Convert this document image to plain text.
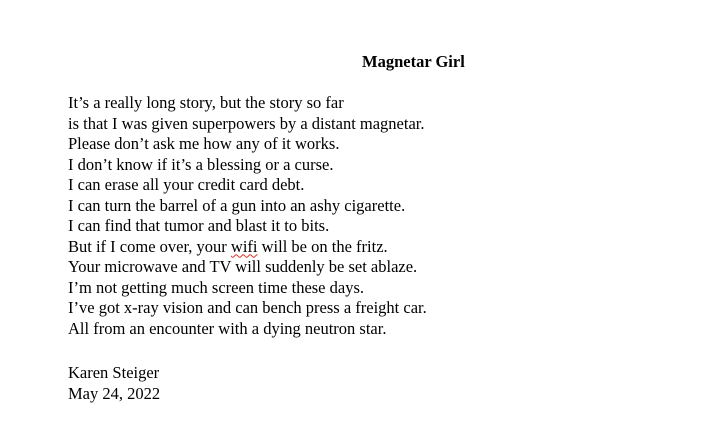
Magnetar Girl
It’s a really long story, but the story so far
is that I was given superpowers by a distant magnetar.
Please don’t ask me how any of it works.
I don’t know if it’s a blessing or a curse.
I can erase all your credit card debt.
I can turn the barrel of a gun into an ashy cigarette.
I can find that tumor and blast it to bits.
But if I come over, your wifi will be on the fritz.
Your microwave and TV will suddenly be set ablaze.
I’m not getting much screen time these days.
I’ve got x-ray vision and can bench press a freight car.
All from an encounter with a dying neutron star.
Karen Steiger
May 24, 2022
